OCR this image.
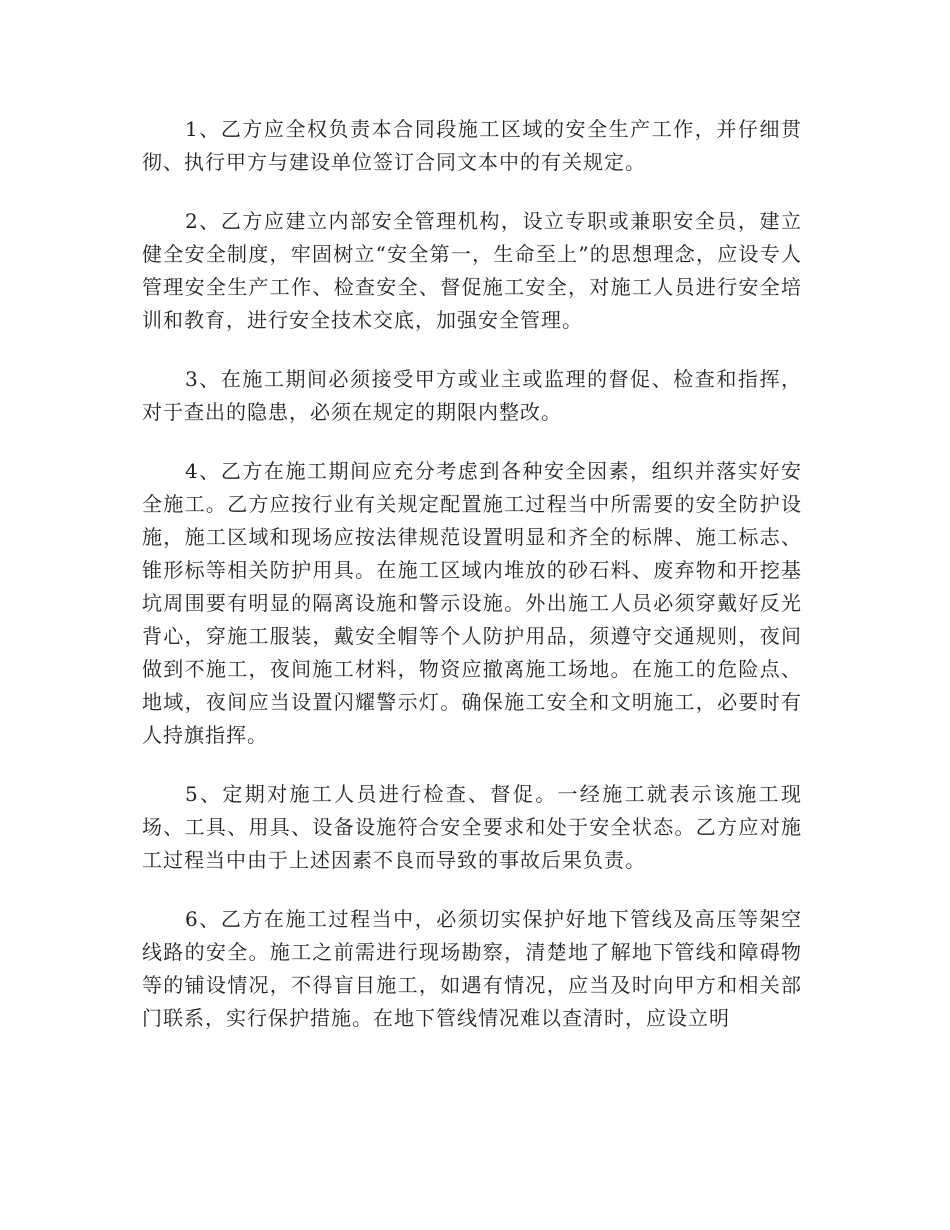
1、乙方应全权负责本合同段施工区域的安全生产工作，并仔细贯彻、执行甲方与建设单位签订合同文本中的有关规定。

2、乙方应建立内部安全管理机构，设立专职或兼职安全员，建立健全安全制度，牢固树立“安全第一，生命至上”的思想理念，应设专人管理安全生产工作、检查安全、督促施工安全，对施工人员进行安全培训和教育，进行安全技术交底，加强安全管理。

3、在施工期间必须接受甲方或业主或监理的督促、检查和指挥，对于查出的隐患，必须在规定的期限内整改。

4、乙方在施工期间应充分考虑到各种安全因素，组织并落实好安全施工。乙方应按行业有关规定配置施工过程当中所需要的安全防护设施，施工区域和现场应按法律规范设置明显和齐全的标牌、施工标志、锥形标等相关防护用具。在施工区域内堆放的砂石料、废弃物和开挖基坑周围要有明显的隔离设施和警示设施。外出施工人员必须穿戴好反光背心，穿施工服装，戴安全帽等个人防护用品，须遵守交通规则，夜间做到不施工，夜间施工材料，物资应撤离施工场地。在施工的危险点、地域，夜间应当设置闪耀警示灯。确保施工安全和文明施工，必要时有人持旗指挥。

5、定期对施工人员进行检查、督促。一经施工就表示该施工现场、工具、用具、设备设施符合安全要求和处于安全状态。乙方应对施工过程当中由于上述因素不良而导致的事故后果负责。

6、乙方在施工过程当中，必须切实保护好地下管线及高压等架空线路的安全。施工之前需进行现场勘察，清楚地了解地下管线和障碍物等的铺设情况，不得盲目施工，如遇有情况，应当及时向甲方和相关部门联系，实行保护措施。在地下管线情况难以查清时，应设立明
